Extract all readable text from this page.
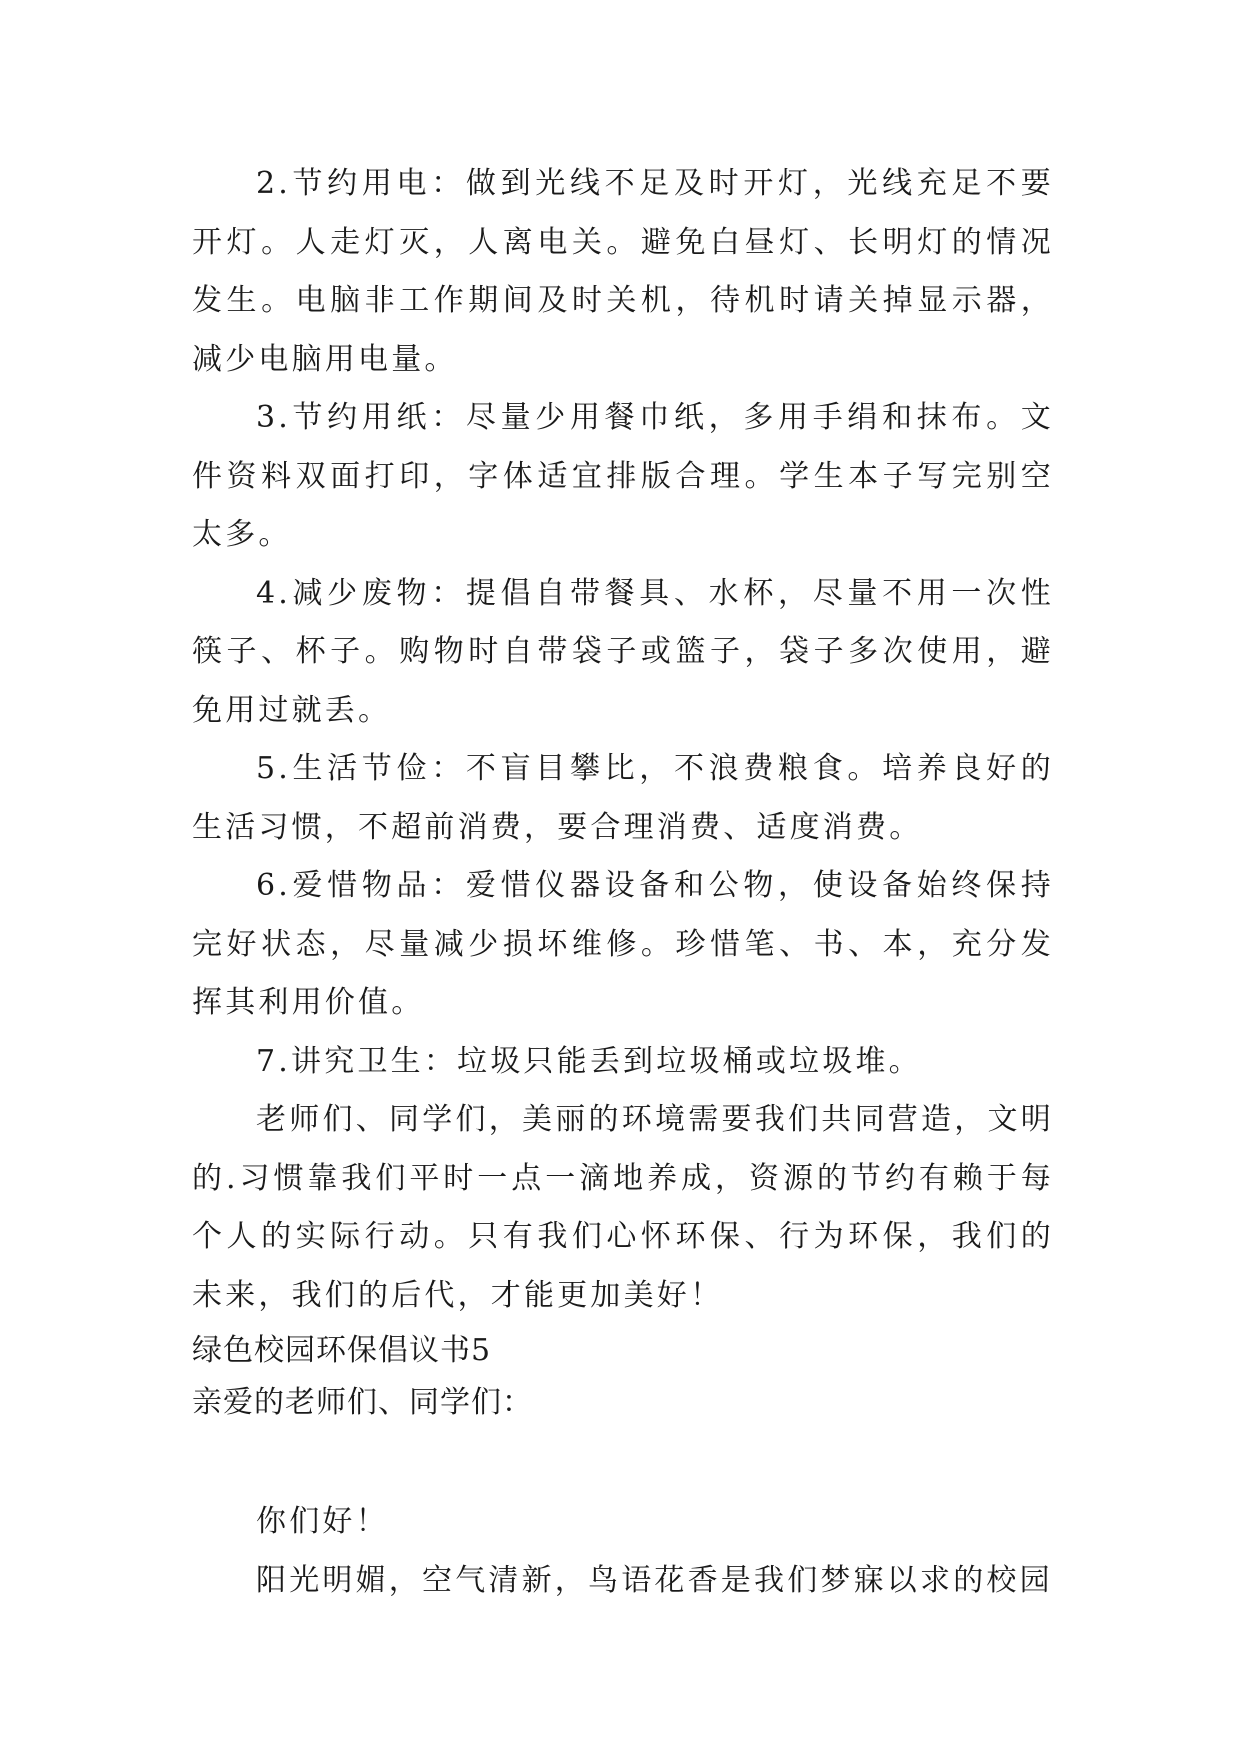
2.节约用电：做到光线不足及时开灯，光线充足不要开灯。人走灯灭，人离电关。避免白昼灯、长明灯的情况发生。电脑非工作期间及时关机，待机时请关掉显示器，减少电脑用电量。

3.节约用纸：尽量少用餐巾纸，多用手绢和抹布。文件资料双面打印，字体适宜排版合理。学生本子写完别空太多。

4.减少废物：提倡自带餐具、水杯，尽量不用一次性筷子、杯子。购物时自带袋子或篮子，袋子多次使用，避免用过就丢。

5.生活节俭：不盲目攀比，不浪费粮食。培养良好的生活习惯，不超前消费，要合理消费、适度消费。

6.爱惜物品：爱惜仪器设备和公物，使设备始终保持完好状态，尽量减少损坏维修。珍惜笔、书、本，充分发挥其利用价值。

7.讲究卫生：垃圾只能丢到垃圾桶或垃圾堆。

老师们、同学们，美丽的环境需要我们共同营造，文明的.习惯靠我们平时一点一滴地养成，资源的节约有赖于每个人的实际行动。只有我们心怀环保、行为环保，我们的未来，我们的后代，才能更加美好！

绿色校园环保倡议书5

亲爱的老师们、同学们：

你们好！

阳光明媚，空气清新，鸟语花香是我们梦寐以求的校园
